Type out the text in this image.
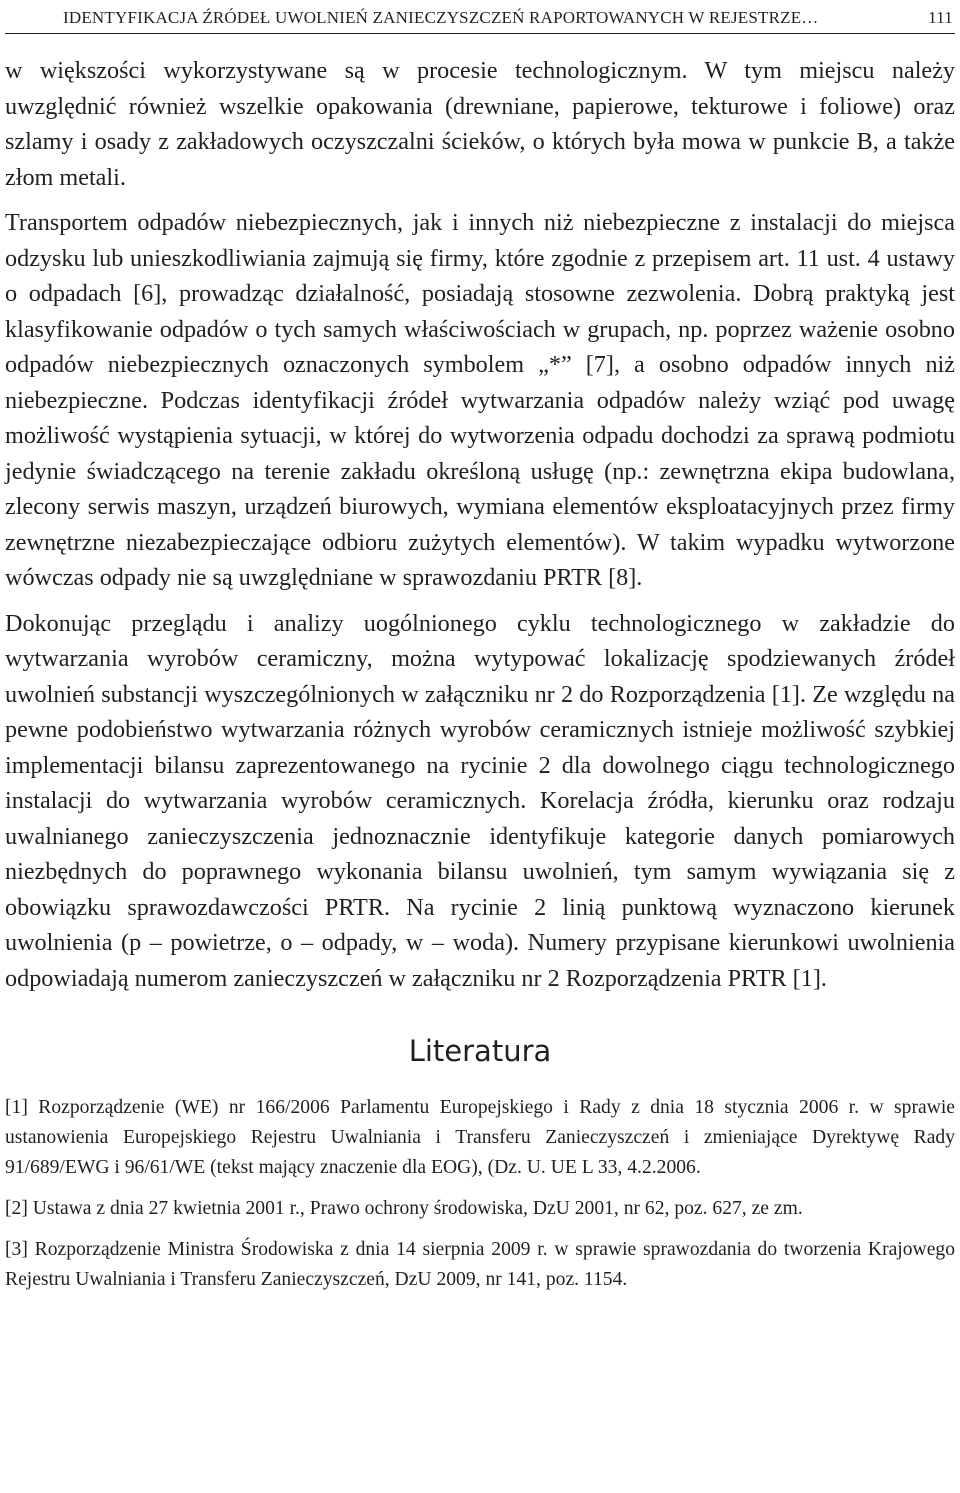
IDENTYFIKACJA ŹRÓDEŁ UWOLNIEŃ ZANIECZYSZCZEŃ RAPORTOWANYCH W REJESTRZE…	111

w większości wykorzystywane są w procesie technologicznym. W tym miejscu należy uwzględnić również wszelkie opakowania (drewniane, papierowe, tekturowe i foliowe) oraz szlamy i osady z zakładowych oczyszczalni ścieków, o których była mowa w punkcie B, a także złom metali.

Transportem odpadów niebezpiecznych, jak i innych niż niebezpieczne z instalacji do miejsca odzysku lub unieszkodliwiania zajmują się firmy, które zgodnie z przepisem art. 11 ust. 4 ustawy o odpadach [6], prowadząc działalność, posiadają stosowne zezwolenia. Dobrą praktyką jest klasyfikowanie odpadów o tych samych właściwościach w grupach, np. poprzez ważenie osobno odpadów niebezpiecznych oznaczonych symbolem „*” [7], a osobno odpadów innych niż niebezpieczne. Podczas identyfikacji źródeł wytwarzania odpadów należy wziąć pod uwagę możliwość wystąpienia sytuacji, w której do wytworzenia odpadu dochodzi za sprawą podmiotu jedynie świadczącego na terenie zakładu określoną usługę (np.: zewnętrzna ekipa budowlana, zlecony serwis maszyn, urządzeń biurowych, wymiana elementów eksploatacyjnych przez firmy zewnętrzne niezabezpieczające odbioru zużytych elementów). W takim wypadku wytworzone wówczas odpady nie są uwzględniane w sprawozdaniu PRTR [8].

Dokonując przeglądu i analizy uogólnionego cyklu technologicznego w zakładzie do wytwarzania wyrobów ceramiczny, można wytypować lokalizację spodziewanych źródeł uwolnień substancji wyszczególnionych w załączniku nr 2 do Rozporządzenia [1]. Ze względu na pewne podobieństwo wytwarzania różnych wyrobów ceramicznych istnieje możliwość szybkiej implementacji bilansu zaprezentowanego na rycinie 2 dla dowolnego ciągu technologicznego instalacji do wytwarzania wyrobów ceramicznych. Korelacja źródła, kierunku oraz rodzaju uwalnianego zanieczyszczenia jednoznacznie identyfikuje kategorie danych pomiarowych niezbędnych do poprawnego wykonania bilansu uwolnień, tym samym wywiązania się z obowiązku sprawozdawczości PRTR. Na rycinie 2 linią punktową wyznaczono kierunek uwolnienia (p – powietrze, o – odpady, w – woda). Numery przypisane kierunkowi uwolnienia odpowiadają numerom zanieczyszczeń w załączniku nr 2 Rozporządzenia PRTR [1].

Literatura

[1] Rozporządzenie (WE) nr 166/2006 Parlamentu Europejskiego i Rady z dnia 18 stycznia 2006 r. w sprawie ustanowienia Europejskiego Rejestru Uwalniania i Transferu Zanieczyszczeń i zmieniające Dyrektywę Rady 91/689/EWG i 96/61/WE (tekst mający znaczenie dla EOG), (Dz. U. UE L 33, 4.2.2006.

[2] Ustawa z dnia 27 kwietnia 2001 r., Prawo ochrony środowiska, DzU 2001, nr 62, poz. 627, ze zm.

[3] Rozporządzenie Ministra Środowiska z dnia 14 sierpnia 2009 r. w sprawie sprawozdania do tworzenia Krajowego Rejestru Uwalniania i Transferu Zanieczyszczeń, DzU 2009, nr 141, poz. 1154.
